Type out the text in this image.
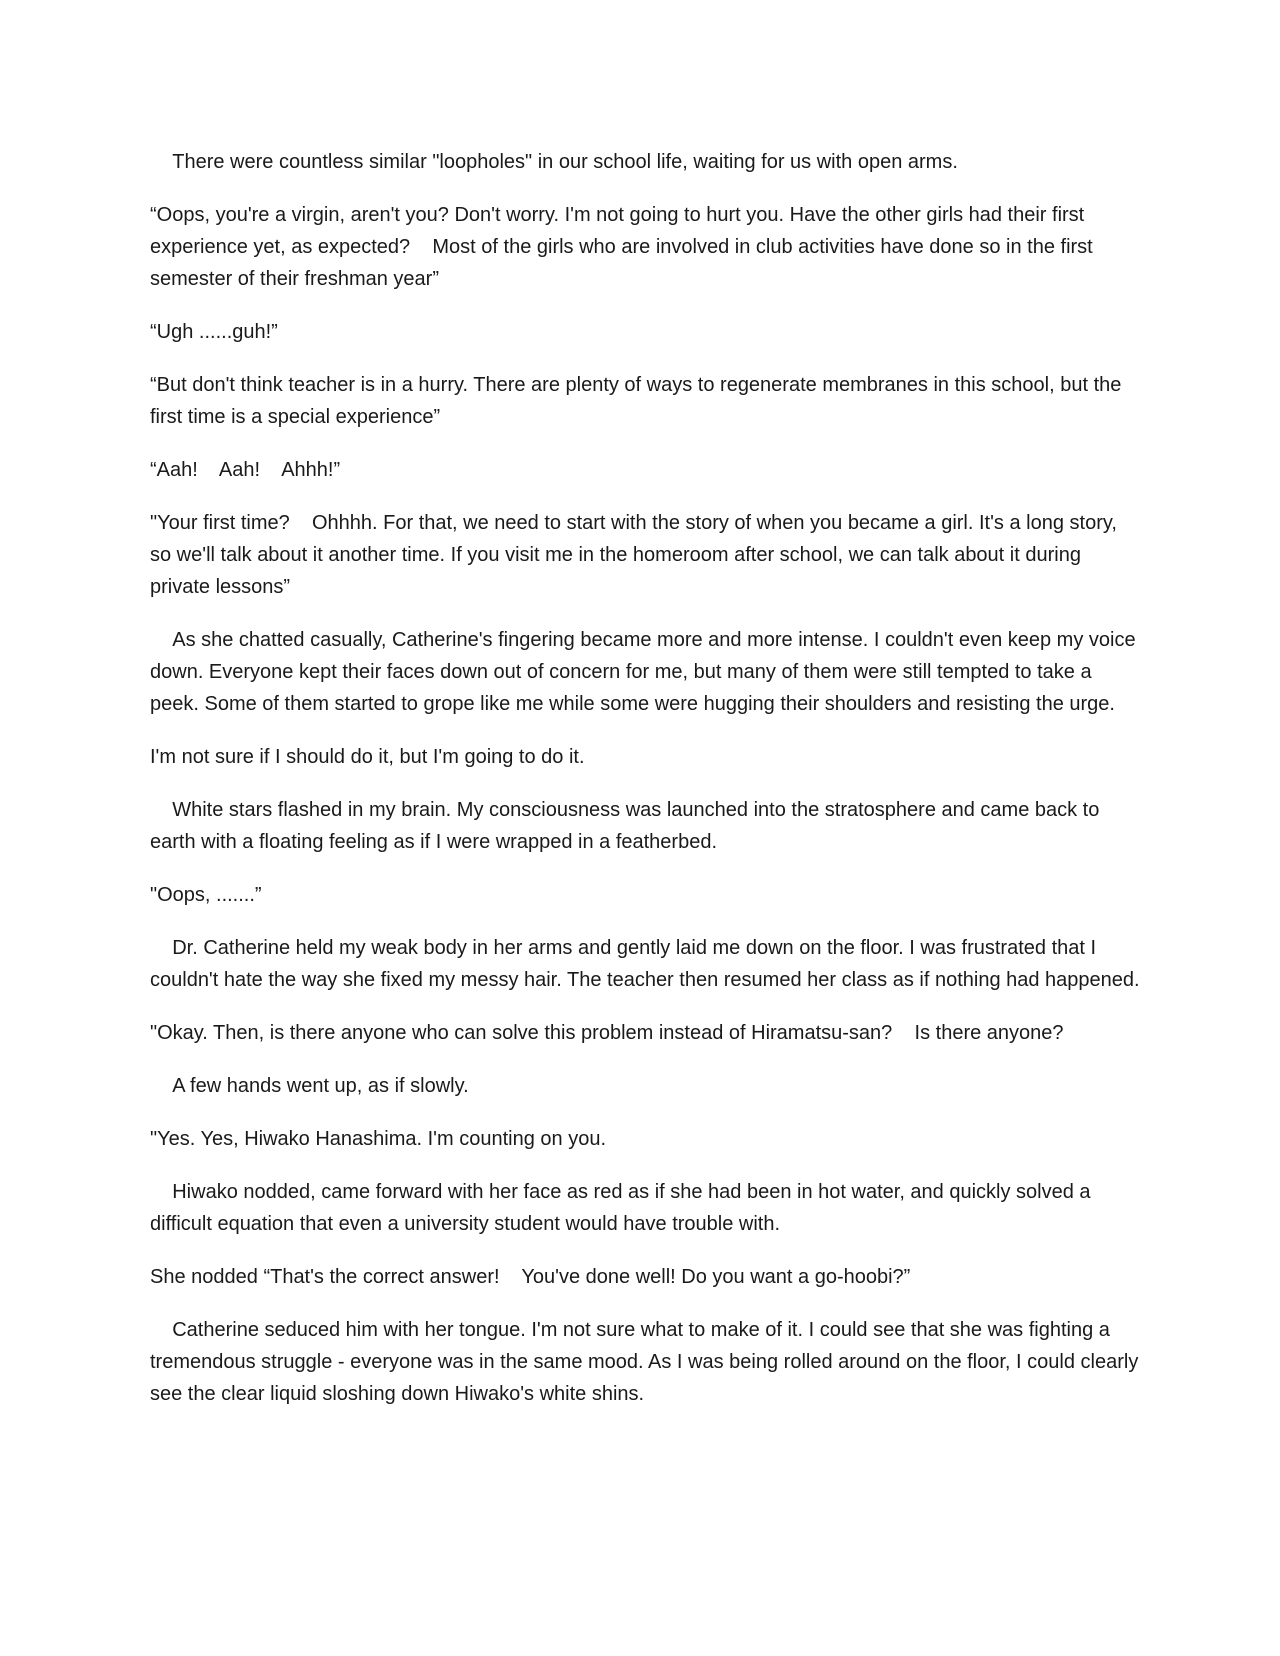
There were countless similar "loopholes" in our school life, waiting for us with open arms.

“Oops, you're a virgin, aren't you? Don't worry. I'm not going to hurt you. Have the other girls had their first experience yet, as expected?    Most of the girls who are involved in club activities have done so in the first semester of their freshman year”

“Ugh ......guh!”

“But don't think teacher is in a hurry. There are plenty of ways to regenerate membranes in this school, but the first time is a special experience”

“Aah!    Aah!    Ahhh!”

"Your first time?    Ohhhh. For that, we need to start with the story of when you became a girl. It's a long story, so we'll talk about it another time. If you visit me in the homeroom after school, we can talk about it during private lessons”

As she chatted casually, Catherine's fingering became more and more intense. I couldn't even keep my voice down. Everyone kept their faces down out of concern for me, but many of them were still tempted to take a peek. Some of them started to grope like me while some were hugging their shoulders and resisting the urge.

I'm not sure if I should do it, but I'm going to do it.

White stars flashed in my brain. My consciousness was launched into the stratosphere and came back to earth with a floating feeling as if I were wrapped in a featherbed.

"Oops, .......”

Dr. Catherine held my weak body in her arms and gently laid me down on the floor. I was frustrated that I couldn't hate the way she fixed my messy hair. The teacher then resumed her class as if nothing had happened.

"Okay. Then, is there anyone who can solve this problem instead of Hiramatsu-san?    Is there anyone?

A few hands went up, as if slowly.

"Yes. Yes, Hiwako Hanashima. I'm counting on you.

Hiwako nodded, came forward with her face as red as if she had been in hot water, and quickly solved a difficult equation that even a university student would have trouble with.

She nodded “That's the correct answer!    You've done well! Do you want a go-hoobi?”

Catherine seduced him with her tongue. I'm not sure what to make of it. I could see that she was fighting a tremendous struggle - everyone was in the same mood. As I was being rolled around on the floor, I could clearly see the clear liquid sloshing down Hiwako's white shins.
